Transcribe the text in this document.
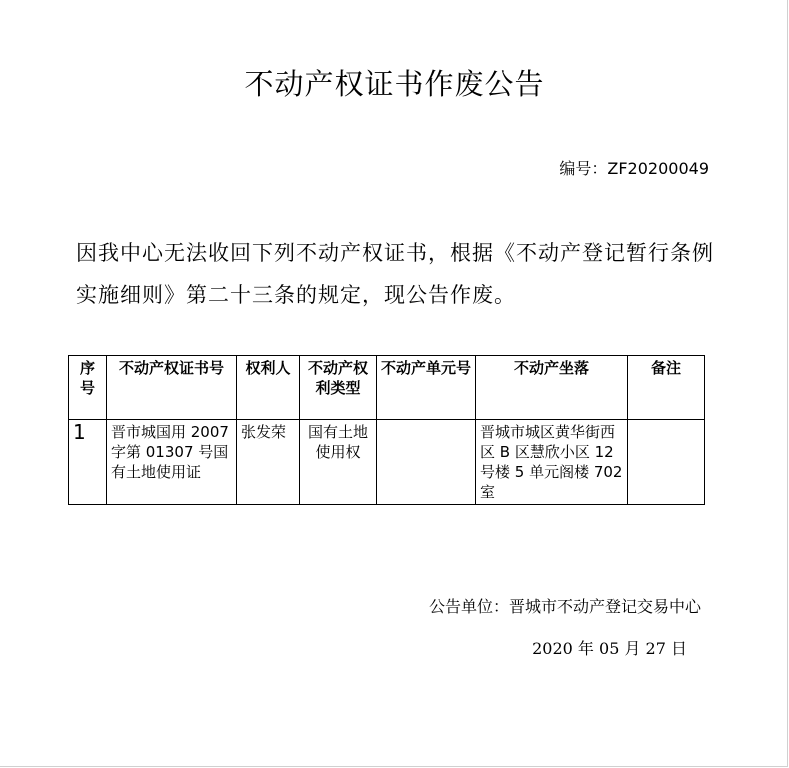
不动产权证书作废公告
编号：ZF20200049
因我中心无法收回下列不动产权证书，根据《不动产登记暂行条例实施细则》第二十三条的规定，现公告作废。
序号	不动产权证书号	权利人	不动产权利类型	不动产单元号	不动产坐落	备注
1	晋市城国用 2007 字第 01307 号国有土地使用证	张发荣	国有土地使用权		晋城市城区黄华街西区 B 区慧欣小区 12 号楼 5 单元阁楼 702 室	
公告单位：晋城市不动产登记交易中心
2020 年 05 月 27 日
